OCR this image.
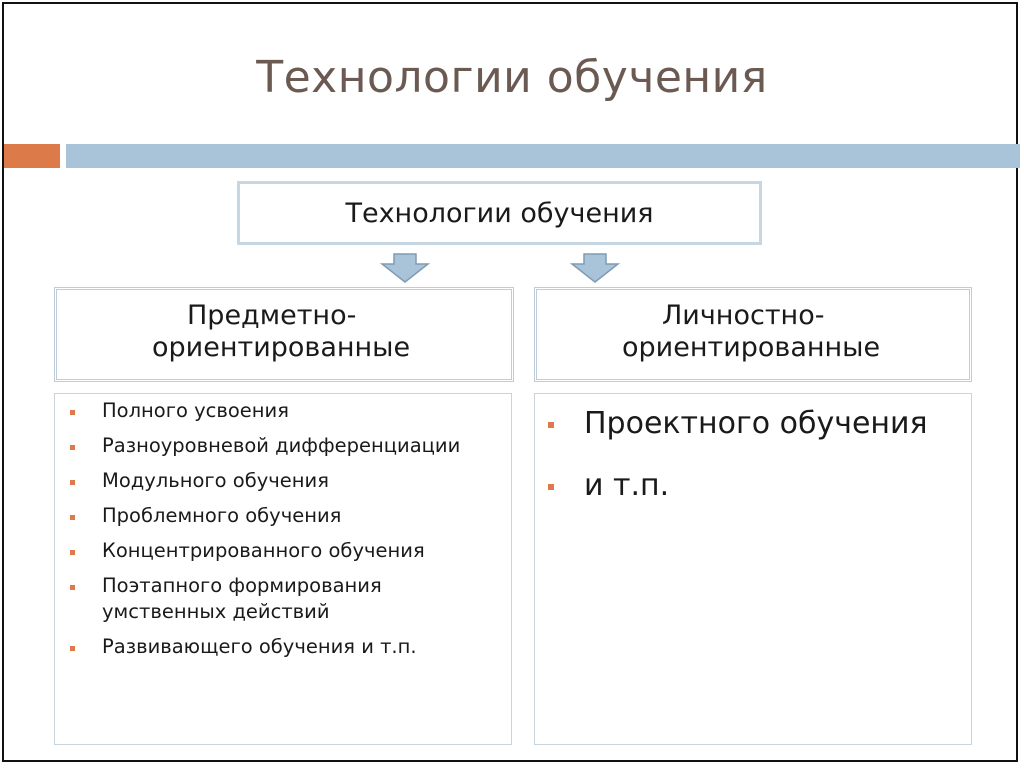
Технологии обучения
Технологии обучения
Предметно-
ориентированные
Личностно-
ориентированные
Полного усвоения
Разноуровневой дифференциации
Модульного обучения
Проблемного обучения
Концентрированного обучения
Поэтапного формирования умственных действий
Развивающего обучения и т.п.
Проектного обучения
и т.п.
